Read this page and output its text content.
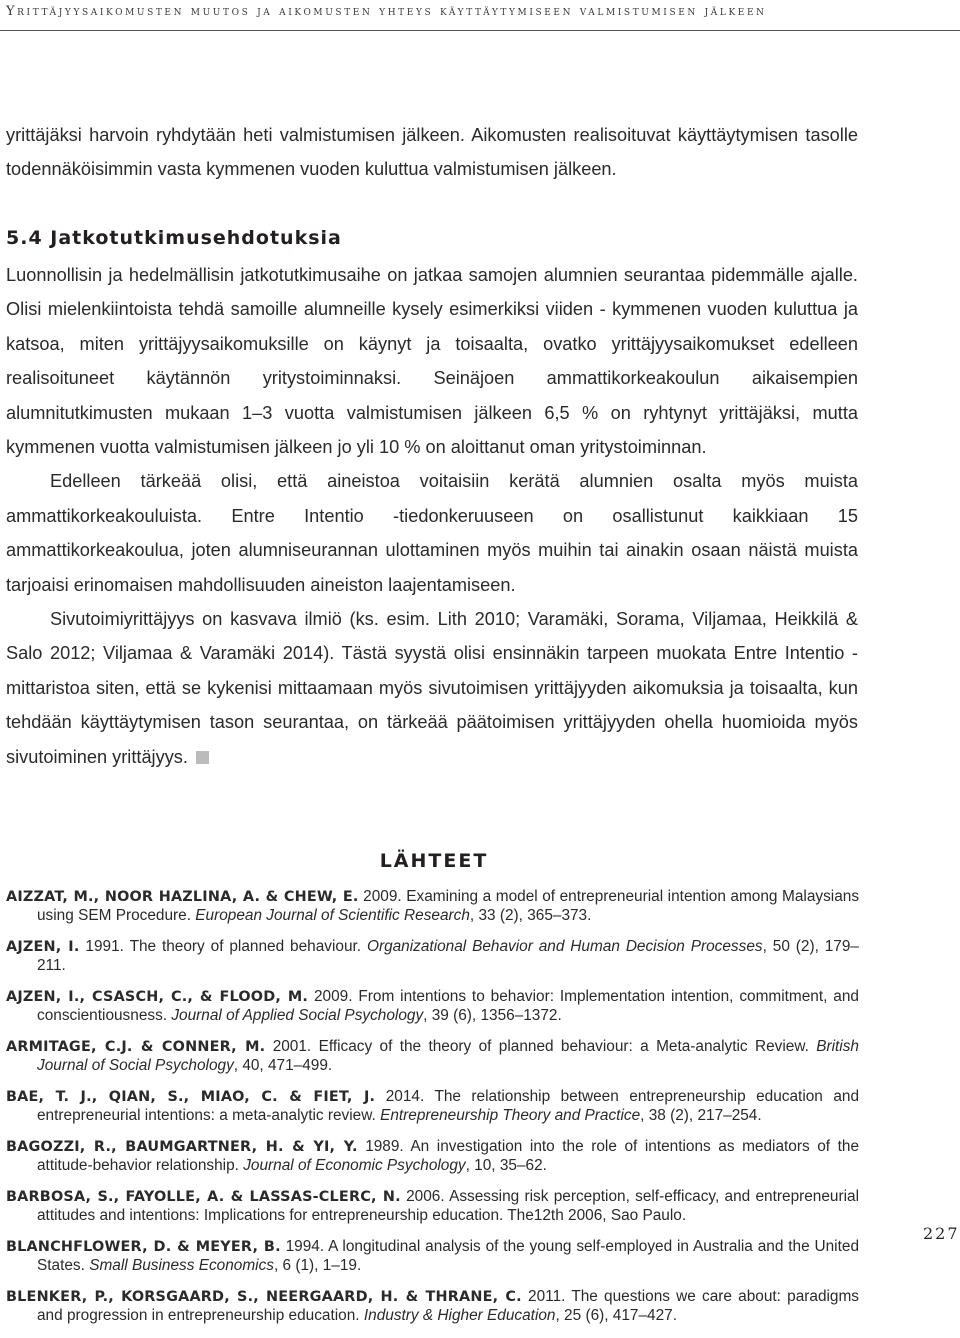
Yrittäjyysaikomusten muutos ja aikomusten yhteys käyttäytymiseen valmistumisen jälkeen

yrittäjäksi harvoin ryhdytään heti valmistumisen jälkeen. Aikomusten realisoituvat käyttäytymisen tasolle todennäköisimmin vasta kymmenen vuoden kuluttua valmistumisen jälkeen.

5.4 Jatkotutkimusehdotuksia

Luonnollisin ja hedelmällisin jatkotutkimusaihe on jatkaa samojen alumnien seurantaa pidemmälle ajalle. Olisi mielenkiintoista tehdä samoille alumneille kysely esimerkiksi viiden - kymmenen vuoden kuluttua ja katsoa, miten yrittäjyysaikomuksille on käynyt ja toisaalta, ovatko yrittäjyysaikomukset edelleen realisoituneet käytännön yritystoiminnaksi. Seinäjoen ammattikorkeakoulun aikaisempien alumnitutkimusten mukaan 1–3 vuotta valmistumisen jälkeen 6,5 % on ryhtynyt yrittäjäksi, mutta kymmenen vuotta valmistumisen jälkeen jo yli 10 % on aloittanut oman yritystoiminnan.

Edelleen tärkeää olisi, että aineistoa voitaisiin kerätä alumnien osalta myös muista ammattikorkeakouluista. Entre Intentio -tiedonkeruuseen on osallistunut kaikkiaan 15 ammattikorkeakoulua, joten alumniseurannan ulottaminen myös muihin tai ainakin osaan näistä muista tarjoaisi erinomaisen mahdollisuuden aineiston laajentamiseen.

Sivutoimiyrittäjyys on kasvava ilmiö (ks. esim. Lith 2010; Varamäki, Sorama, Viljamaa, Heikkilä & Salo 2012; Viljamaa & Varamäki 2014). Tästä syystä olisi ensinnäkin tarpeen muokata Entre Intentio -mittaristoa siten, että se kykenisi mittaamaan myös sivutoimisen yrittäjyyden aikomuksia ja toisaalta, kun tehdään käyttäytymisen tason seurantaa, on tärkeää päätoimisen yrittäjyyden ohella huomioida myös sivutoiminen yrittäjyys.

LÄHTEET
AIZZAT, M., NOOR HAZLINA, A. & CHEW, E. 2009. Examining a model of entrepreneurial intention among Malaysians using SEM Procedure. European Journal of Scientific Research, 33 (2), 365–373.
AJZEN, I. 1991. The theory of planned behaviour. Organizational Behavior and Human Decision Processes, 50 (2), 179–211.
AJZEN, I., CSASCH, C., & FLOOD, M. 2009. From intentions to behavior: Implementation intention, commitment, and conscientiousness. Journal of Applied Social Psychology, 39 (6), 1356–1372.
ARMITAGE, C.J. & CONNER, M. 2001. Efficacy of the theory of planned behaviour: a Meta-analytic Review. British Journal of Social Psychology, 40, 471–499.
BAE, T. J., QIAN, S., MIAO, C. & FIET, J. 2014. The relationship between entrepreneurship education and entrepreneurial intentions: a meta-analytic review. Entrepreneurship Theory and Practice, 38 (2), 217–254.
BAGOZZI, R., BAUMGARTNER, H. & YI, Y. 1989. An investigation into the role of intentions as mediators of the attitude-behavior relationship. Journal of Economic Psychology, 10, 35–62.
BARBOSA, S., FAYOLLE, A. & LASSAS-CLERC, N. 2006. Assessing risk perception, self-efficacy, and entrepreneurial attitudes and intentions: Implications for entrepreneurship education. The12th 2006, Sao Paulo.
BLANCHFLOWER, D. & MEYER, B. 1994. A longitudinal analysis of the young self-employed in Australia and the United States. Small Business Economics, 6 (1), 1–19.
BLENKER, P., KORSGAARD, S., NEERGAARD, H. & THRANE, C. 2011. The questions we care about: paradigms and progression in entrepreneurship education. Industry & Higher Education, 25 (6), 417–427.
227
